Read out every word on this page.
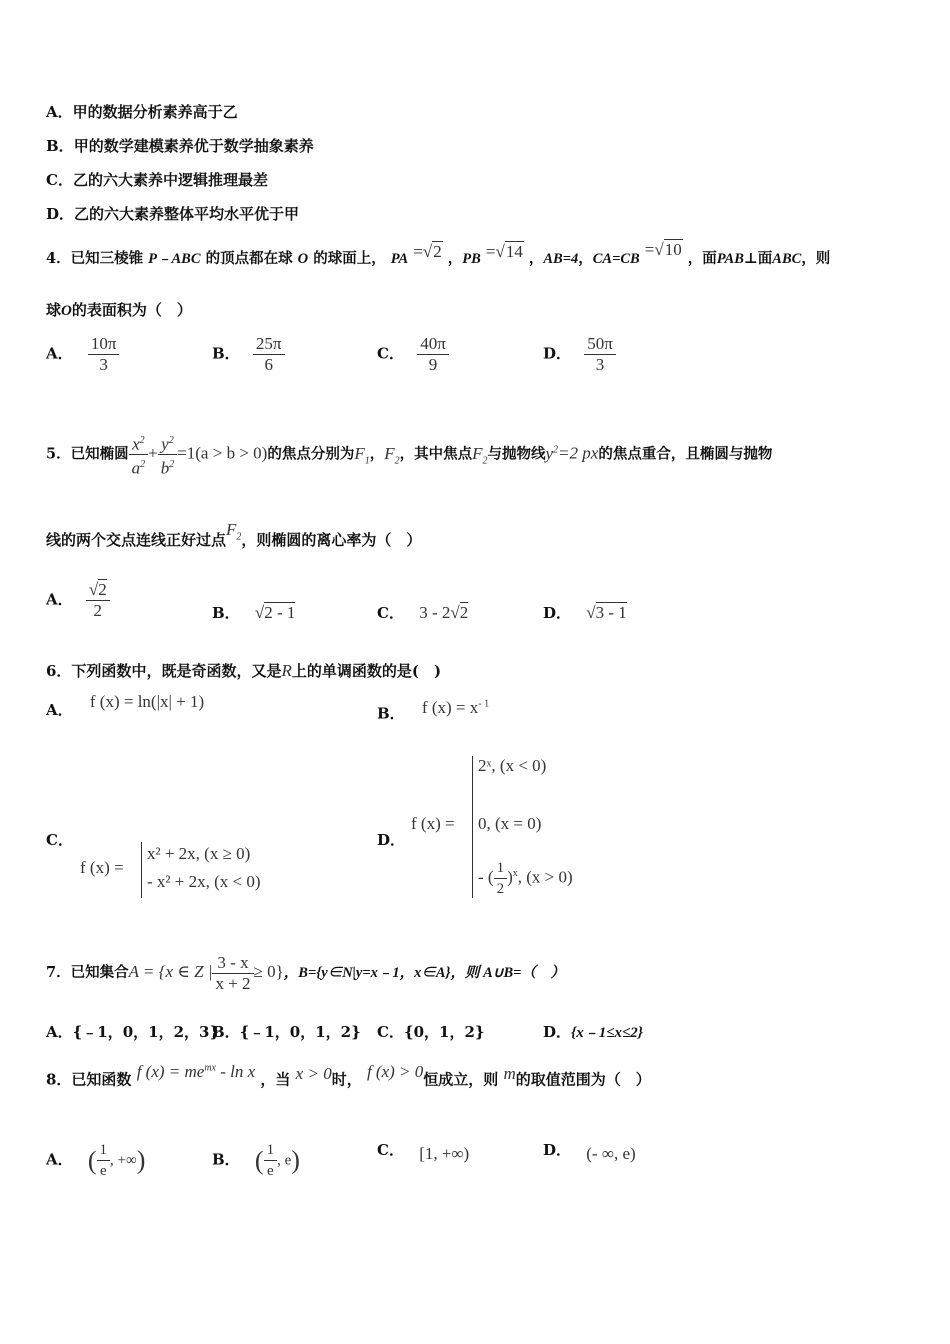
A．甲的数据分析素养高于乙
B．甲的数学建模素养优于数学抽象素养
C．乙的六大素养中逻辑推理最差
D．乙的六大素养整体平均水平优于甲
4．已知三棱锥 P﹣ABC 的顶点都在球 O 的球面上， PA =√2 ，PB =√14 ，AB=4，CA=CB =√10 ，面PAB⊥面ABC，则
球O的表面积为（　）
A． $\frac{10\pi}{3}$	B． $\frac{25\pi}{6}$	C． $\frac{40\pi}{9}$	D． $\frac{50\pi}{3}$
5．已知椭圆 $\frac{x^2}{a^2} + \frac{y^2}{b^2} =1(a > b > 0)$的焦点分别为$F_1$，$F_2$，其中焦点$F_2$与抛物线$y^2=2$ px的焦点重合，且椭圆与抛物
线的两个交点连线正好过点$F_2$，则椭圆的离心率为（　）
A． $\frac{√2}{2}$	B． √2 - 1	C． 3 - 2√2	D． √3 - 1
6．下列函数中，既是奇函数，又是R上的单调函数的是(　)
A． f (x) = ln(|x| + 1)
B． f $(x) = x^{- 1}$
C．
f (x) =
x² + 2x, (x ≥ 0)
- x² + 2x, (x < 0)
D．
f (x) =
2ˣ, (x < 0)
0, (x = 0)
- ( $\frac{1}{2} )^x$, (x > 0)
7．已知集合A = {x ∈ Z | $\frac{3 - x}{x + 2} \ge 0$}，B={y∈N|y=x﹣1，x∈A}，则 A∪B=（　）
A．{﹣1，0，1，2，3}
B．{﹣1，0，1，2} C．{0，1，2}	D．{x﹣1≤x≤2}
8．已知函数 f $(x) = me^{mx} - \ln x$ ，当 x > 0时， f (x) > 0恒成立，则 m的取值范围为（　）
A． ( $\frac{1}{e}$ , +∞)	B． ( $\frac{1}{e}$ , e)	C． [1, +∞)	D． (- ∞, e)
